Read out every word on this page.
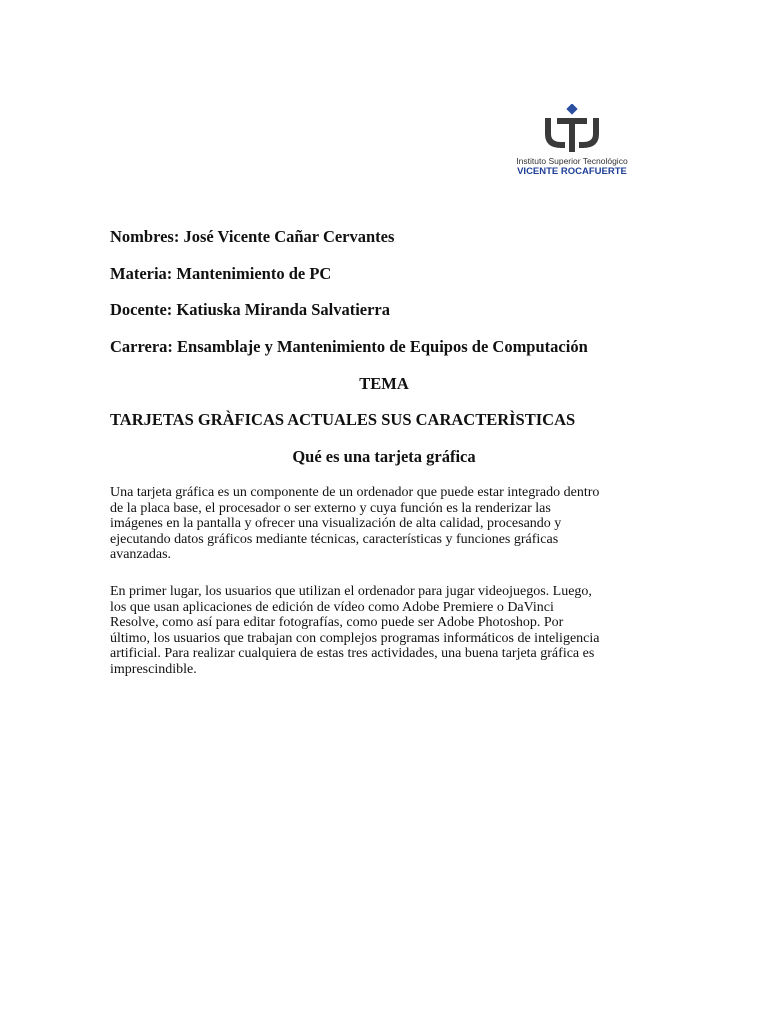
Instituto Superior Tecnológico
VICENTE ROCAFUERTE
Nombres: José Vicente Cañar Cervantes
Materia: Mantenimiento de PC
Docente: Katiuska Miranda Salvatierra
Carrera: Ensamblaje y Mantenimiento de Equipos de Computación
TEMA
TARJETAS GRÀFICAS ACTUALES SUS CARACTERÌSTICAS
Qué es una tarjeta gráfica
Una tarjeta gráfica es un componente de un ordenador que puede estar integrado dentro
de la placa base, el procesador o ser externo y cuya función es la renderizar las
imágenes en la pantalla y ofrecer una visualización de alta calidad, procesando y
ejecutando datos gráficos mediante técnicas, características y funciones gráficas
avanzadas.
En primer lugar, los usuarios que utilizan el ordenador para jugar videojuegos. Luego,
los que usan aplicaciones de edición de vídeo como Adobe Premiere o DaVinci
Resolve, como así para editar fotografías, como puede ser Adobe Photoshop. Por
último, los usuarios que trabajan con complejos programas informáticos de inteligencia
artificial. Para realizar cualquiera de estas tres actividades, una buena tarjeta gráfica es
imprescindible.
